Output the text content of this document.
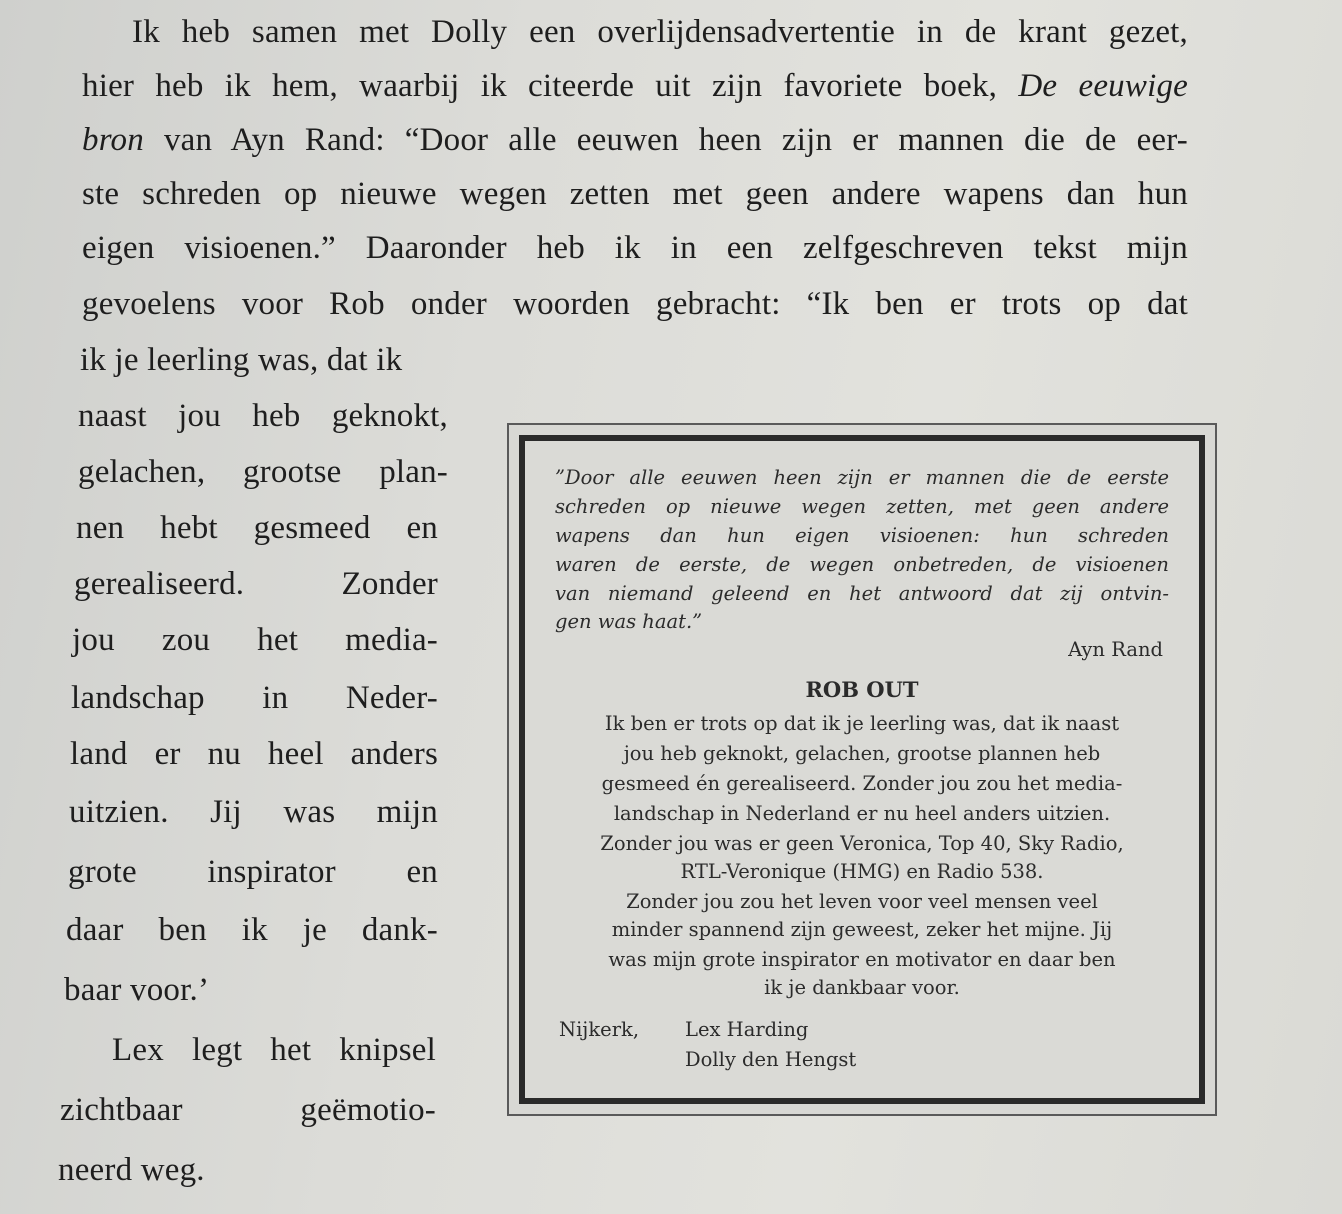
Ik heb samen met Dolly een overlijdensadvertentie in de krant gezet,
hier heb ik hem, waarbij ik citeerde uit zijn favoriete boek, De eeuwige
bron van Ayn Rand: “Door alle eeuwen heen zijn er mannen die de eer-
ste schreden op nieuwe wegen zetten met geen andere wapens dan hun
eigen visioenen.” Daaronder heb ik in een zelfgeschreven tekst mijn
gevoelens voor Rob onder woorden gebracht: “Ik ben er trots op dat
ik je leerling was, dat ik
naast jou heb geknokt,
gelachen, grootse plan-
nen hebt gesmeed en
gerealiseerd. Zonder
jou zou het media-
landschap in Neder-
land er nu heel anders
uitzien. Jij was mijn
grote inspirator en
daar ben ik je dank-
baar voor.’
Lex legt het knipsel
zichtbaar geëmotio-
neerd weg.
”Door alle eeuwen heen zijn er mannen die de eerste
schreden op nieuwe wegen zetten, met geen andere
wapens dan hun eigen visioenen: hun schreden
waren de eerste, de wegen onbetreden, de visioenen
van niemand geleend en het antwoord dat zij ontvin-
gen was haat.”
Ayn Rand
ROB OUT
Ik ben er trots op dat ik je leerling was, dat ik naast
jou heb geknokt, gelachen, grootse plannen heb
gesmeed én gerealiseerd. Zonder jou zou het media-
landschap in Nederland er nu heel anders uitzien.
Zonder jou was er geen Veronica, Top 40, Sky Radio,
RTL-Veronique (HMG) en Radio 538.
Zonder jou zou het leven voor veel mensen veel
minder spannend zijn geweest, zeker het mijne. Jij
was mijn grote inspirator en motivator en daar ben
ik je dankbaar voor.
Nijkerk, Lex Harding
Dolly den Hengst
